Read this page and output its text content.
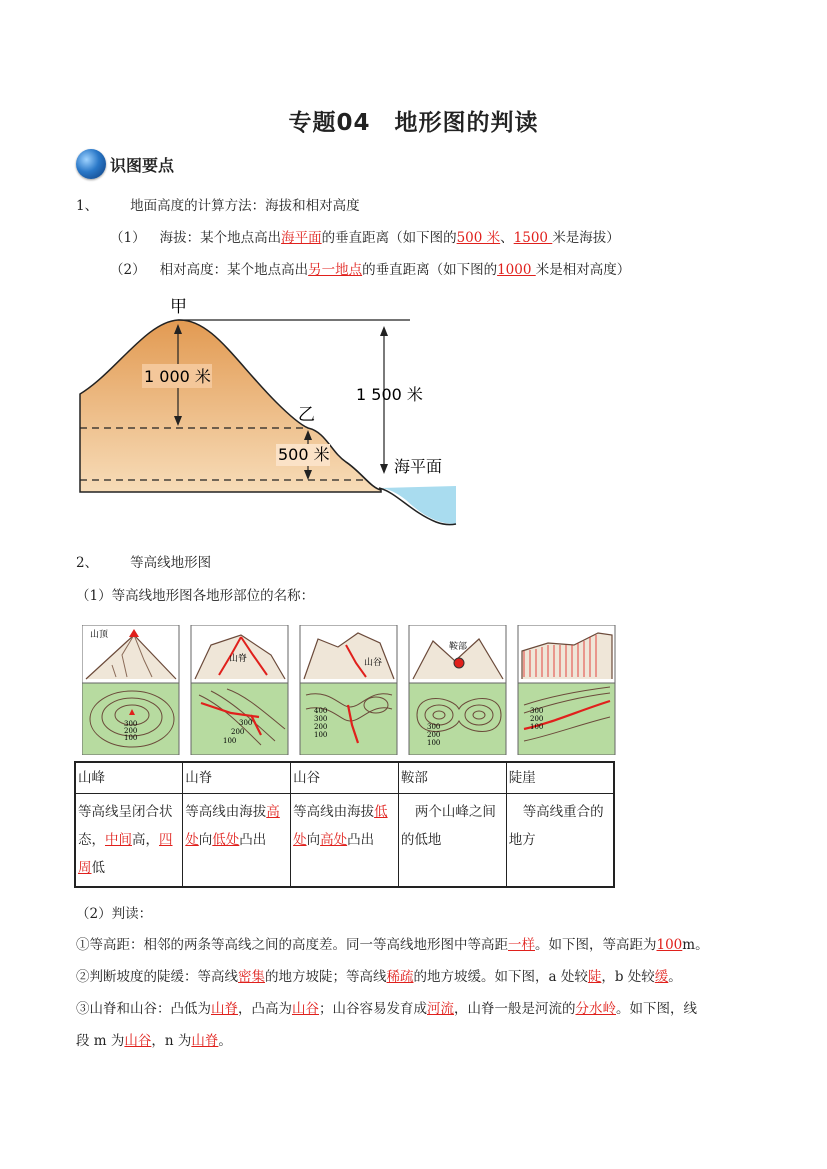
专题04　地形图的判读
识图要点
1、 地面高度的计算方法：海拔和相对高度
（1） 海拔：某个地点高出海平面的垂直距离（如下图的500 米、1500 米是海拔）
（2） 相对高度：某个地点高出另一地点的垂直距离（如下图的1000 米是相对高度）
甲
乙
1 000 米
1 500 米
500 米
海平面
2、 等高线地形图
（1）等高线地形图各地形部位的名称：
山顶
300
200
100
山脊
300
200
100
山谷
400
300
200
100
鞍部
300
200
100
300
200
100
山峰	山脊	山谷	鞍部	陡崖
等高线呈闭合状态，中间高，四周低	等高线由海拔高处向低处凸出	等高线由海拔低处向高处凸出	两个山峰之间的低地	等高线重合的地方
（2）判读：
①等高距：相邻的两条等高线之间的高度差。同一等高线地形图中等高距一样。如下图，等高距为100m。
②判断坡度的陡缓：等高线密集的地方坡陡；等高线稀疏的地方坡缓。如下图，a 处较陡，b 处较缓。
③山脊和山谷：凸低为山脊，凸高为山谷；山谷容易发育成河流，山脊一般是河流的分水岭。如下图，线
段 m 为山谷，n 为山脊。
